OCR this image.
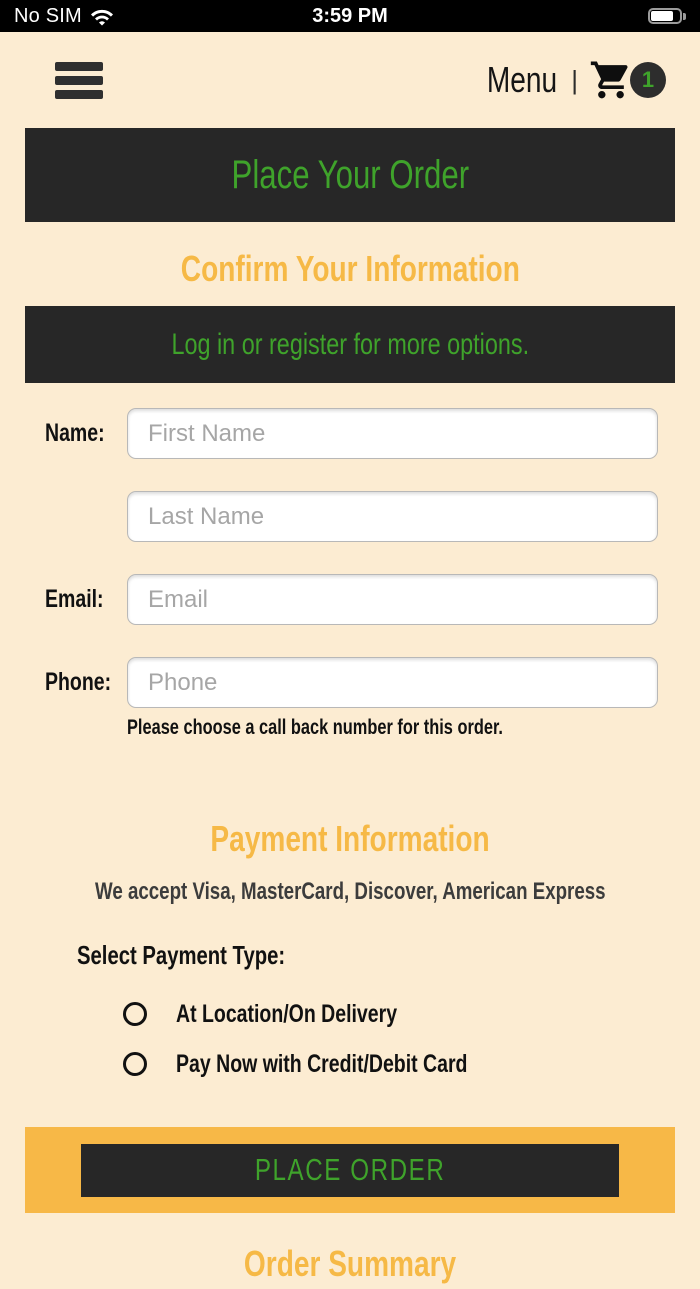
No SIM	3:59 PM
Menu |	1
Place Your Order
Confirm Your Information
Log in or register for more options.
Name:
First Name
Last Name
Email:
Email
Phone:
Phone
Please choose a call back number for this order.
Payment Information
We accept Visa, MasterCard, Discover, American Express
Select Payment Type:
At Location/On Delivery
Pay Now with Credit/Debit Card
PLACE ORDER
Order Summary
